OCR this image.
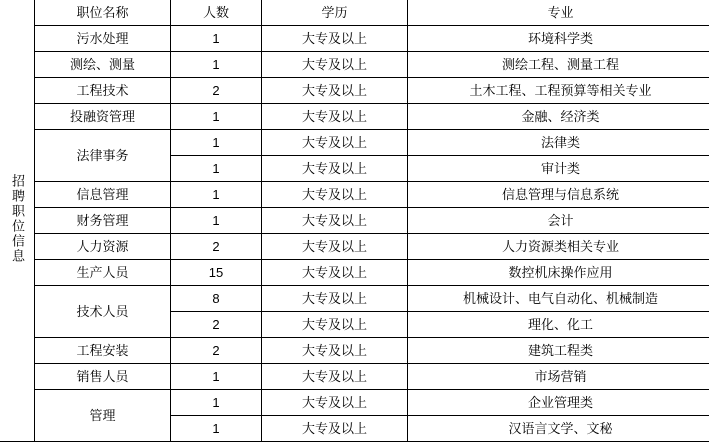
招聘职位信息	职位名称	人数	学历	专业
	污水处理	1	大专及以上	环境科学类
	测绘、测量	1	大专及以上	测绘工程、测量工程
	工程技术	2	大专及以上	土木工程、工程预算等相关专业
	投融资管理	1	大专及以上	金融、经济类
	法律事务	1	大专及以上	法律类
		1	大专及以上	审计类
	信息管理	1	大专及以上	信息管理与信息系统
	财务管理	1	大专及以上	会计
	人力资源	2	大专及以上	人力资源类相关专业
	生产人员	15	大专及以上	数控机床操作应用
	技术人员	8	大专及以上	机械设计、电气自动化、机械制造
		2	大专及以上	理化、化工
	工程安装	2	大专及以上	建筑工程类
	销售人员	1	大专及以上	市场营销
	管理	1	大专及以上	企业管理类
		1	大专及以上	汉语言文学、文秘
